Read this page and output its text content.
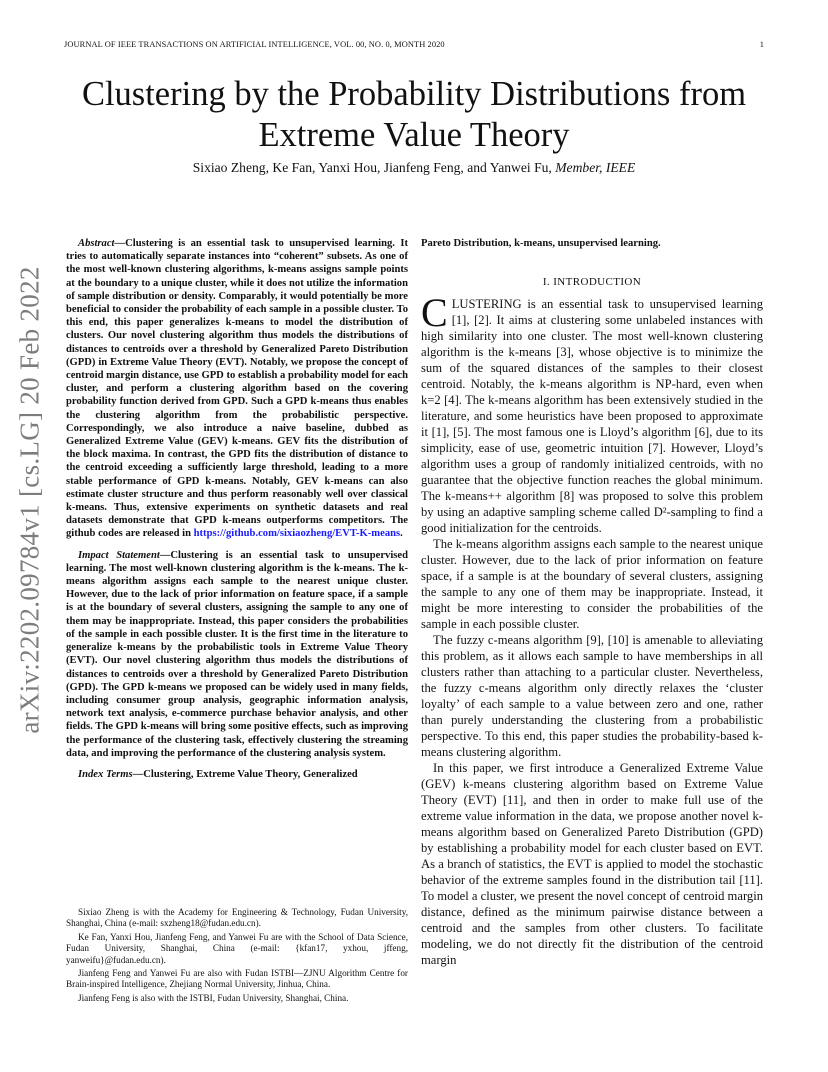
JOURNAL OF IEEE TRANSACTIONS ON ARTIFICIAL INTELLIGENCE, VOL. 00, NO. 0, MONTH 2020	1
Clustering by the Probability Distributions from Extreme Value Theory
Sixiao Zheng, Ke Fan, Yanxi Hou, Jianfeng Feng, and Yanwei Fu, Member, IEEE
arXiv:2202.09784v1 [cs.LG] 20 Feb 2022

Abstract—Clustering is an essential task to unsupervised learning. It tries to automatically separate instances into “coherent” subsets. As one of the most well-known clustering algorithms, k-means assigns sample points at the boundary to a unique cluster, while it does not utilize the information of sample distribution or density. Comparably, it would potentially be more beneficial to consider the probability of each sample in a possible cluster. To this end, this paper generalizes k-means to model the distribution of clusters. Our novel clustering algorithm thus models the distributions of distances to centroids over a threshold by Generalized Pareto Distribution (GPD) in Extreme Value Theory (EVT). Notably, we propose the concept of centroid margin distance, use GPD to establish a probability model for each cluster, and perform a clustering algorithm based on the covering probability function derived from GPD. Such a GPD k-means thus enables the clustering algorithm from the probabilistic perspective. Correspondingly, we also introduce a naive baseline, dubbed as Generalized Extreme Value (GEV) k-means. GEV fits the distribution of the block maxima. In contrast, the GPD fits the distribution of distance to the centroid exceeding a sufficiently large threshold, leading to a more stable performance of GPD k-means. Notably, GEV k-means can also estimate cluster structure and thus perform reasonably well over classical k-means. Thus, extensive experiments on synthetic datasets and real datasets demonstrate that GPD k-means outperforms competitors. The github codes are released in https://github.com/sixiaozheng/EVT-K-means.

Impact Statement—Clustering is an essential task to unsupervised learning. The most well-known clustering algorithm is the k-means. The k-means algorithm assigns each sample to the nearest unique cluster. However, due to the lack of prior information on feature space, if a sample is at the boundary of several clusters, assigning the sample to any one of them may be inappropriate. Instead, this paper considers the probabilities of the sample in each possible cluster. It is the first time in the literature to generalize k-means by the probabilistic tools in Extreme Value Theory (EVT). Our novel clustering algorithm thus models the distributions of distances to centroids over a threshold by Generalized Pareto Distribution (GPD). The GPD k-means we proposed can be widely used in many fields, including consumer group analysis, geographic information analysis, network text analysis, e-commerce purchase behavior analysis, and other fields. The GPD k-means will bring some positive effects, such as improving the performance of the clustering task, effectively clustering the streaming data, and improving the performance of the clustering analysis system.

Index Terms—Clustering, Extreme Value Theory, Generalized

Sixiao Zheng is with the Academy for Engineering & Technology, Fudan University, Shanghai, China (e-mail: sxzheng18@fudan.edu.cn).

Ke Fan, Yanxi Hou, Jianfeng Feng, and Yanwei Fu are with the School of Data Science, Fudan University, Shanghai, China (e-mail: {kfan17, yxhou, jffeng, yanweifu}@fudan.edu.cn).

Jianfeng Feng and Yanwei Fu are also with Fudan ISTBI—ZJNU Algorithm Centre for Brain-inspired Intelligence, Zhejiang Normal University, Jinhua, China.

Jianfeng Feng is also with the ISTBI, Fudan University, Shanghai, China.

Pareto Distribution, k-means, unsupervised learning.
I. INTRODUCTION

CLUSTERING is an essential task to unsupervised learning [1], [2]. It aims at clustering some unlabeled instances with high similarity into one cluster. The most well-known clustering algorithm is the k-means [3], whose objective is to minimize the sum of the squared distances of the samples to their closest centroid. Notably, the k-means algorithm is NP-hard, even when k=2 [4]. The k-means algorithm has been extensively studied in the literature, and some heuristics have been proposed to approximate it [1], [5]. The most famous one is Lloyd’s algorithm [6], due to its simplicity, ease of use, geometric intuition [7]. However, Lloyd’s algorithm uses a group of randomly initialized centroids, with no guarantee that the objective function reaches the global minimum. The k-means++ algorithm [8] was proposed to solve this problem by using an adaptive sampling scheme called D²-sampling to find a good initialization for the centroids.

The k-means algorithm assigns each sample to the nearest unique cluster. However, due to the lack of prior information on feature space, if a sample is at the boundary of several clusters, assigning the sample to any one of them may be inappropriate. Instead, it might be more interesting to consider the probabilities of the sample in each possible cluster.

The fuzzy c-means algorithm [9], [10] is amenable to alleviating this problem, as it allows each sample to have memberships in all clusters rather than attaching to a particular cluster. Nevertheless, the fuzzy c-means algorithm only directly relaxes the ‘cluster loyalty’ of each sample to a value between zero and one, rather than purely understanding the clustering from a probabilistic perspective. To this end, this paper studies the probability-based k-means clustering algorithm.

In this paper, we first introduce a Generalized Extreme Value (GEV) k-means clustering algorithm based on Extreme Value Theory (EVT) [11], and then in order to make full use of the extreme value information in the data, we propose another novel k-means algorithm based on Generalized Pareto Distribution (GPD) by establishing a probability model for each cluster based on EVT. As a branch of statistics, the EVT is applied to model the stochastic behavior of the extreme samples found in the distribution tail [11]. To model a cluster, we present the novel concept of centroid margin distance, defined as the minimum pairwise distance between a centroid and the samples from other clusters. To facilitate modeling, we do not directly fit the distribution of the centroid margin
